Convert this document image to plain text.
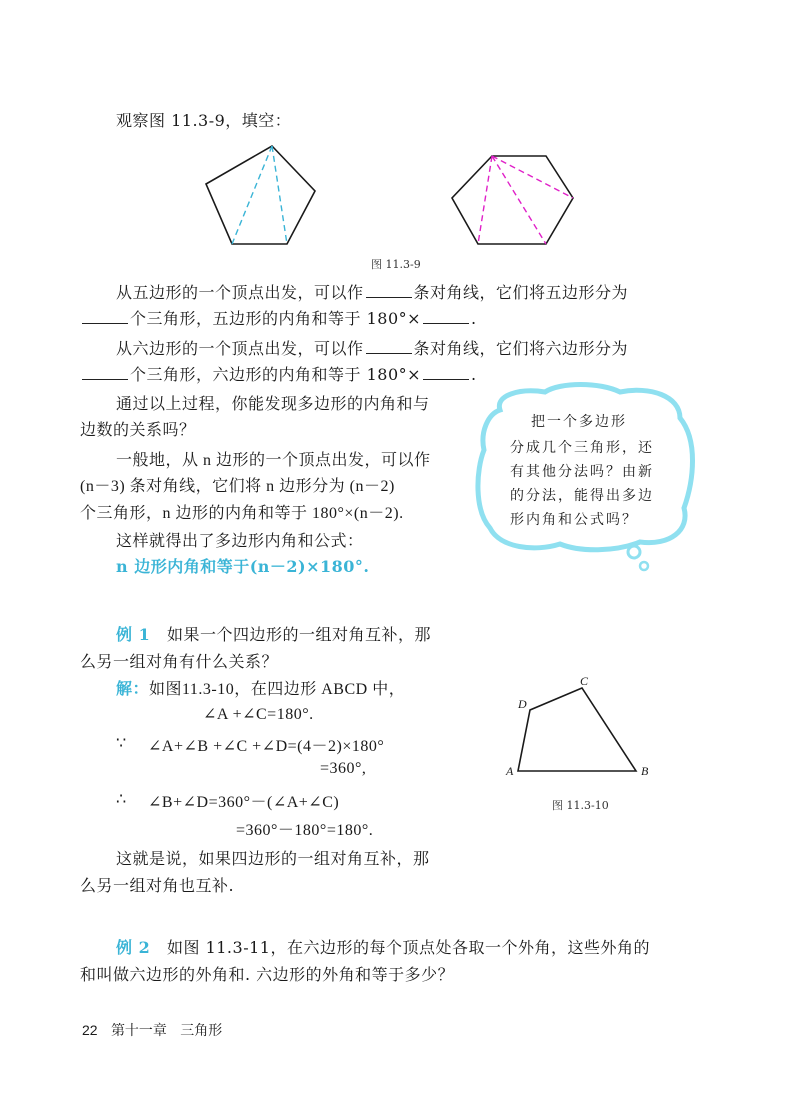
观察图 11.3-9，填空：
图 11.3-9
从五边形的一个顶点出发，可以作	条对角线，它们将五边形分为
个三角形，五边形的内角和等于 180°×	.
从六边形的一个顶点出发，可以作	条对角线，它们将六边形分为
个三角形，六边形的内角和等于 180°×	.
通过以上过程，你能发现多边形的内角和与
边数的关系吗？
一般地，从 n 边形的一个顶点出发，可以作
(n－3) 条对角线，它们将 n 边形分为 (n－2)
个三角形，n 边形的内角和等于 180°×(n－2).
这样就得出了多边形内角和公式：
n 边形内角和等于(n－2)×180°.
把一个多边形
分成几个三角形，还
有其他分法吗？由新
的分法，能得出多边
形内角和公式吗？
例 1 如果一个四边形的一组对角互补，那
么另一组对角有什么关系？
解：如图11.3-10，在四边形 ABCD 中，
∠A +∠C=180°.
∵ ∠A+∠B +∠C +∠D=(4－2)×180°
=360°,
∴ ∠B+∠D=360°－(∠A+∠C)
=360°－180°=180°.
这就是说，如果四边形的一组对角互补，那
么另一组对角也互补.
A	B
C
D
图 11.3-10
例 2 如图 11.3-11，在六边形的每个顶点处各取一个外角，这些外角的
和叫做六边形的外角和. 六边形的外角和等于多少？
22 第十一章 三角形
